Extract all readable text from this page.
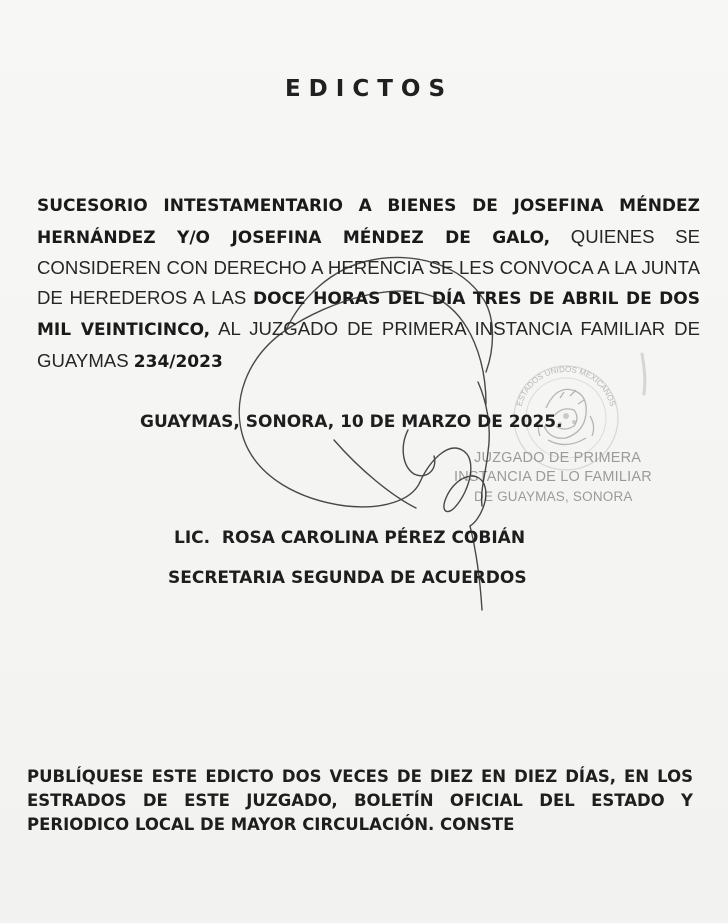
EDICTOS

SUCESORIO INTESTAMENTARIO A BIENES DE JOSEFINA MÉNDEZ HERNÁNDEZ Y/O JOSEFINA MÉNDEZ DE GALO, QUIENES SE CONSIDEREN CON DERECHO A HERENCIA SE LES CONVOCA A LA JUNTA DE HEREDEROS A LAS DOCE HORAS DEL DÍA TRES DE ABRIL DE DOS MIL VEINTICINCO, AL JUZGADO DE PRIMERA INSTANCIA FAMILIAR DE GUAYMAS 234/2023

ESTADOS UNIDOS MEXICANOS

JUZGADO DE PRIMERA

INSTANCIA DE LO FAMILIAR

DE GUAYMAS, SONORA

GUAYMAS, SONORA, 10 DE MARZO DE 2025.

LIC.  ROSA CAROLINA PÉREZ COBIÁN

SECRETARIA SEGUNDA DE ACUERDOS

PUBLÍQUESE ESTE EDICTO DOS VECES DE DIEZ EN DIEZ DÍAS, EN LOS ESTRADOS DE ESTE JUZGADO, BOLETÍN OFICIAL DEL ESTADO Y PERIODICO LOCAL DE MAYOR CIRCULACIÓN. CONSTE
